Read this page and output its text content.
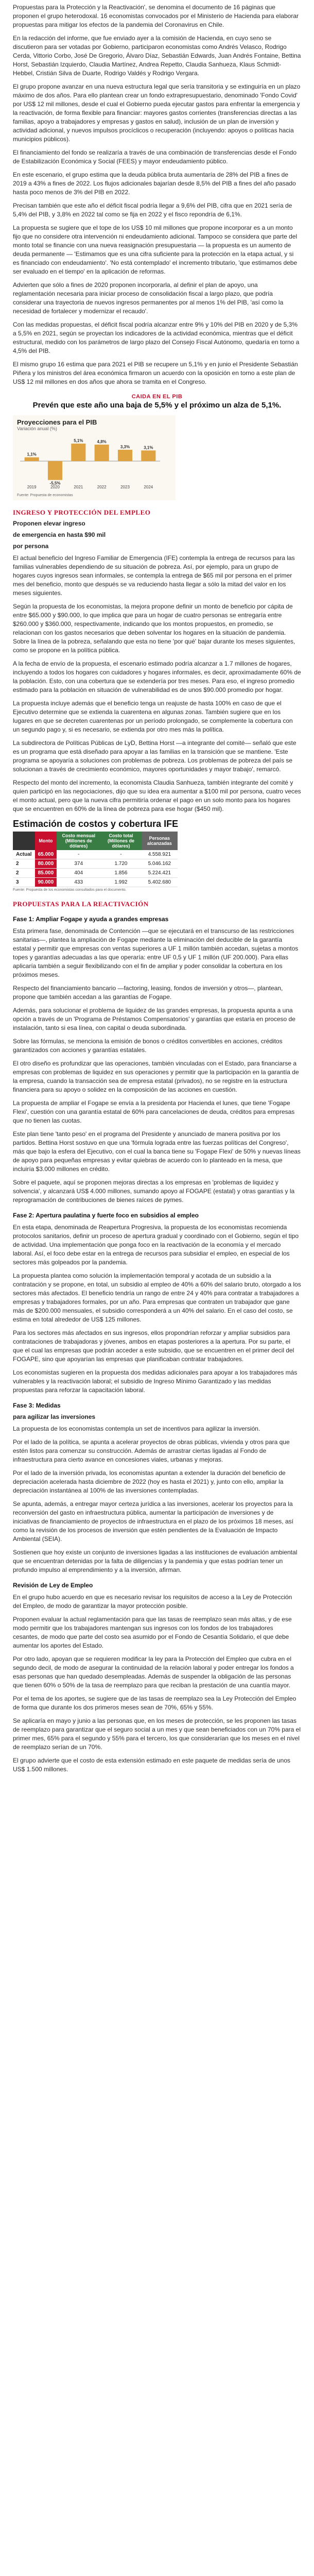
Propuestas para la Protección y la Reactivación', se denomina el documento de 16 páginas que proponen el grupo heterodoxal. 16 economistas convocados por el Ministerio de Hacienda para elaborar propuestas para mitigar los efectos de la pandemia del Coronavirus en Chile.

En la redacción del informe, que fue enviado ayer a la comisión de Hacienda, en cuyo seno se discutieron para ser votadas por Gobierno, participaron economistas como Andrés Velasco, Rodrigo Cerda, Vittorio Corbo, José De Gregorio, Álvaro Díaz, Sebastián Edwards, Juan Andrés Fontaine, Bettina Horst, Sebastián Izquierdo, Claudia Martínez, Andrea Repetto, Claudia Sanhueza, Klaus Schmidt-Hebbel, Cristián Silva de Duarte, Rodrigo Valdés y Rodrigo Vergara.

El grupo propone avanzar en una nueva estructura legal que sería transitoria y se extinguiría en un plazo máximo de dos años. Para ello plantean crear un fondo extrapresupuestario, denominado 'Fondo Covid' por US$ 12 mil millones, desde el cual el Gobierno pueda ejecutar gastos para enfrentar la emergencia y la reactivación, de forma flexible para financiar: mayores gastos corrientes (transferencias directas a las familias, apoyo a trabajadores y empresas y gastos en salud), inclusión de un plan de inversión y actividad adicional, y nuevos impulsos procíclicos o recuperación (incluyendo: apoyos o políticas hacia municipios públicos).

El financiamiento del fondo se realizaría a través de una combinación de transferencias desde el Fondo de Estabilización Económica y Social (FEES) y mayor endeudamiento público.

En este escenario, el grupo estima que la deuda pública bruta aumentaría de 28% del PIB a fines de 2019 a 43% a fines de 2022. Los flujos adicionales bajarían desde 8,5% del PIB a fines del año pasado hasta poco menos de 3% del PIB en 2022.

Precisan también que este año el déficit fiscal podría llegar a 9,6% del PIB, cifra que en 2021 sería de 5,4% del PIB, y 3,8% en 2022 tal como se fija en 2022 y el fisco repondría de 6,1%.

La propuesta se sugiere que el tope de los US$ 10 mil millones que propone incorporar es a un monto fijo que no considere otra intervención ni endeudamiento adicional. Tampoco se considera que parte del monto total se financie con una nueva reasignación presupuestaria — la propuesta es un aumento de deuda permanente — 'Estimamos que es una cifra suficiente para la protección en la etapa actual, y si es financiado con endeudamiento'. 'No está contemplado' el incremento tributario, 'que estimamos debe ser evaluado en el tiempo' en la aplicación de reformas.

Advierten que sólo a fines de 2020 proponen incorporarla, al definir el plan de apoyo, una reglamentación necesaria para iniciar proceso de consolidación fiscal a largo plazo, que podría considerar una trayectoria de nuevos ingresos permanentes por al menos 1% del PIB, 'así como la necesidad de fortalecer y modernizar el recaudo'.

Con las medidas propuestas, el déficit fiscal podría alcanzar entre 9% y 10% del PIB en 2020 y de 5,3% a 5,5% en 2021, según se proyectan los indicadores de la actividad económica, mientras que el déficit estructural, medido con los parámetros de largo plazo del Consejo Fiscal Autónomo, quedaría en torno a 4,5% del PIB.

El mismo grupo 16 estima que para 2021 el PIB se recupere un 5,1% y en junio el Presidente Sebastián Piñera y los ministros del área económica firmaron un acuerdo con la oposición en torno a este plan de US$ 12 mil millones en dos años que ahora se tramita en el Congreso.

CAIDA EN EL PIB
Prevén que este año una baja de 5,5% y el próximo un alza de 5,1%.
Proyecciones para el PIB
Variación anual (%)
1,1%
2019
-5,5%
2020
5,1%
2021
4,8%
2022
3,3%
2023
3,1%
2024
Fuente: Propuesta de economistas
INGRESO Y PROTECCIÓN DEL EMPLEO
Proponen elevar ingreso
de emergencia en hasta $90 mil
por persona

El actual beneficio del Ingreso Familiar de Emergencia (IFE) contempla la entrega de recursos para las familias vulnerables dependiendo de su situación de pobreza. Así, por ejemplo, para un grupo de hogares cuyos ingresos sean informales, se contempla la entrega de $65 mil por persona en el primer mes del beneficio, monto que después se va reduciendo hasta llegar a sólo la mitad del valor en los meses siguientes.

Según la propuesta de los economistas, la mejora propone definir un monto de beneficio por cápita de entre $65.000 y $90.000, lo que implica que para un hogar de cuatro personas se entregaría entre $260.000 y $360.000, respectivamente, indicando que los montos propuestos, en promedio, se relacionan con los gastos necesarios que deben solventar los hogares en la situación de pandemia. Sobre la línea de la pobreza, señalando que esta no tiene 'por qué' bajar durante los meses siguientes, como se propone en la política pública.

A la fecha de envío de la propuesta, el escenario estimado podría alcanzar a 1.7 millones de hogares, incluyendo a todos los hogares con cuidadores y hogares informales, es decir, aproximadamente 60% de la población. Esto, con una cobertura que se extendería por tres meses. Para eso, el ingreso promedio estimado para la población en situación de vulnerabilidad es de unos $90.000 promedio por hogar.

La propuesta incluye además que el beneficio tenga un reajuste de hasta 100% en caso de que el Ejecutivo determine que se extienda la cuarentena en algunas zonas. También sugiere que en los lugares en que se decreten cuarentenas por un período prolongado, se complemente la cobertura con un segundo pago y, si es necesario, se extienda por otro mes más la política.

La subdirectora de Políticas Públicas de LyD, Bettina Horst —a integrante del comité— señaló que este es un programa que está diseñado para apoyar a las familias en la transición que se mantiene. 'Este programa se apoyaría a soluciones con problemas de pobreza. Los problemas de pobreza del país se solucionan a través de crecimiento económico, mayores oportunidades y mayor trabajo', remarcó.

Respecto del monto del incremento, la economista Claudia Sanhueza, también integrante del comité y quien participó en las negociaciones, dijo que su idea era aumentar a $100 mil por persona, cuatro veces el monto actual, pero que la nueva cifra permitiría ordenar el pago en un solo monto para los hogares que se encuentren en 60% de la línea de pobreza para ese hogar ($450 mil).

Estimación de costos y cobertura IFE
Diseño	Monto	Costo mensual (Millones de dólares)	Costo total (Millones de dólares)	Personas alcanzadas
Actual	65.000	-	-	4.558.921
2	80.000	374	1.720	5.046.162
2	85.000	404	1.856	5.224.421
3	90.000	433	1.992	5.402.680
Fuente: Propuesta de los economistas consultados para el documento.
PROPUESTAS PARA LA REACTIVACIÓN
Fase 1: Ampliar Fogape y ayuda a grandes empresas

Esta primera fase, denominada de Contención —que se ejecutará en el transcurso de las restricciones sanitarias—, plantea la ampliación de Fogape mediante la eliminación del deducible de la garantía estatal y permitir que empresas con ventas superiores a UF 1 millón también accedan, sujetas a montos topes y garantías adecuadas a las que operaría: entre UF 0,5 y UF 1 millón (UF 200.000). Para ellas aplicaría también a seguir flexibilizando con el fin de ampliar y poder consolidar la cobertura en los próximos meses.

Respecto del financiamiento bancario —factoring, leasing, fondos de inversión y otros—, plantean, propone que también accedan a las garantías de Fogape.

Además, para solucionar el problema de liquidez de las grandes empresas, la propuesta apunta a una opción a través de un 'Programa de Préstamos Compensatorios' y garantías que estaría en proceso de instalación, tanto si esa línea, con capital o deuda subordinada.

Sobre las fórmulas, se menciona la emisión de bonos o créditos convertibles en acciones, créditos garantizados con acciones y garantías estatales.

El otro diseño es profundizar que las operaciones, también vinculadas con el Estado, para financiarse a empresas con problemas de liquidez en sus operaciones y permitir que la participación en la garantía de la empresa, cuando la transacción sea de empresa estatal (privados), no se registre en la estructura financiera para su apoyo o solidez en la composición de las acciones en cuestión.

La propuesta de ampliar el Fogape se envía a la presidenta por Hacienda el lunes, que tiene 'Fogape Flexi', cuestión con una garantía estatal de 60% para cancelaciones de deuda, créditos para empresas que no tienen las cuotas.

Este plan tiene 'tanto peso' en el programa del Presidente y anunciado de manera positiva por los partidos. Bettina Horst sostuvo en que una 'fórmula lograda entre las fuerzas políticas del Congreso', más que bajo la esfera del Ejecutivo, con el cual la banca tiene su 'Fogape Flexi' de 50% y nuevas líneas de apoyo para pequeñas empresas y evitar quiebras de acuerdo con lo planteado en la mesa, que incluiría $3.000 millones en crédito.

Sobre el paquete, aquí se proponen mejoras directas a los empresas en 'problemas de liquidez y solvencia', y alcanzará US$ 4.000 millones, sumando apoyo al FOGAPE (estatal) y otras garantías y la reprogramación de contribuciones de bienes raíces de pymes.

Fase 2: Apertura paulatina y fuerte foco en subsidios al empleo

En esta etapa, denominada de Reapertura Progresiva, la propuesta de los economistas recomienda protocolos sanitarios, definir un proceso de apertura gradual y coordinado con el Gobierno, según el tipo de actividad. Una implementación que ponga foco en la reactivación de la economía y el mercado laboral. Así, el foco debe estar en la entrega de recursos para subsidiar el empleo, en especial de los sectores más golpeados por la pandemia.

La propuesta plantea como solución la implementación temporal y acotada de un subsidio a la contratación y se propone, en total, un subsidio al empleo de 40% a 60% del salario bruto, otorgado a los sectores más afectados. El beneficio tendría un rango de entre 24 y 40% para contratar a trabajadores a empresas y trabajadores formales, por un año. Para empresas que contraten un trabajador que gane más de $200.000 mensuales, el subsidio corresponderá a un 40% del salario. En el caso del costo, se estima en total alrededor de US$ 125 millones.

Para los sectores más afectados en sus ingresos, ellos propondrían reforzar y ampliar subsidios para contrataciones de trabajadoras y jóvenes, ambos en etapas posteriores a la apertura. Por su parte, el que el cual las empresas que podrán acceder a este subsidio, que se encuentren en el primer decil del FOGAPE, sino que apoyarían las empresas que planificaban contratar trabajadores.

Los economistas sugieren en la propuesta dos medidas adicionales para apoyar a los trabajadores más vulnerables y la reactivación laboral; el subsidio de Ingreso Mínimo Garantizado y las medidas propuestas para reforzar la capacitación laboral.

Fase 3: Medidas
para agilizar las inversiones

La propuesta de los economistas contempla un set de incentivos para agilizar la inversión.

Por el lado de la política, se apunta a acelerar proyectos de obras públicas, vivienda y otros para que estén listos para comenzar su construcción. Además de arrastrar ciertas ligadas al Fondo de infraestructura para cierto avance en concesiones viales, urbanas y mejoras.

Por el lado de la inversión privada, los economistas apuntan a extender la duración del beneficio de depreciación acelerada hasta diciembre de 2022 (hoy es hasta el 2021) y, junto con ello, ampliar la depreciación instantánea al 100% de las inversiones contempladas.

Se apunta, además, a entregar mayor certeza jurídica a las inversiones, acelerar los proyectos para la reconversión del gasto en infraestructura pública, aumentar la participación de inversiones y de iniciativas de financiamiento de proyectos de infraestructura en el plazo de los próximos 18 meses, así como la revisión de los procesos de inversión que estén pendientes de la Evaluación de Impacto Ambiental (SEIA).

Sostienen que hoy existe un conjunto de inversiones ligadas a las instituciones de evaluación ambiental que se encuentran detenidas por la falta de diligencias y la pandemia y que estas podrían tener un profundo impulso al emprendimiento y a la inversión, afirman.

Revisión de Ley de Empleo

En el grupo hubo acuerdo en que es necesario revisar los requisitos de acceso a la Ley de Protección del Empleo, de modo de garantizar la mayor protección posible.

Proponen evaluar la actual reglamentación para que las tasas de reemplazo sean más altas, y de ese modo permitir que los trabajadores mantengan sus ingresos con los fondos de los trabajadores cesantes, de modo que parte del costo sea asumido por el Fondo de Cesantía Solidario, el que debe aumentar los aportes del Estado.

Por otro lado, apoyan que se requieren modificar la ley para la Protección del Empleo que cubra en el segundo decil, de modo de asegurar la continuidad de la relación laboral y poder entregar los fondos a esas personas que han quedado desempleadas. Además de suspender la obligación de las personas que tienen 60% o 50% de la tasa de reemplazo para que reciban la prestación de una cuantía mayor.

Por el tema de los aportes, se sugiere que de las tasas de reemplazo sea la Ley Protección del Empleo de forma que durante los dos primeros meses sean de 70%, 65% y 55%.

Se aplicaría en mayo y junio a las personas que, en los meses de protección, se les proponen las tasas de reemplazo para garantizar que el seguro social a un mes y que sean beneficiados con un 70% para el primer mes, 65% para el segundo y 55% para el tercero, los que considerarían que los meses en el nivel de reemplazo serían de un 70%.

El grupo advierte que el costo de esta extensión estimado en este paquete de medidas sería de unos US$ 1.500 millones.
